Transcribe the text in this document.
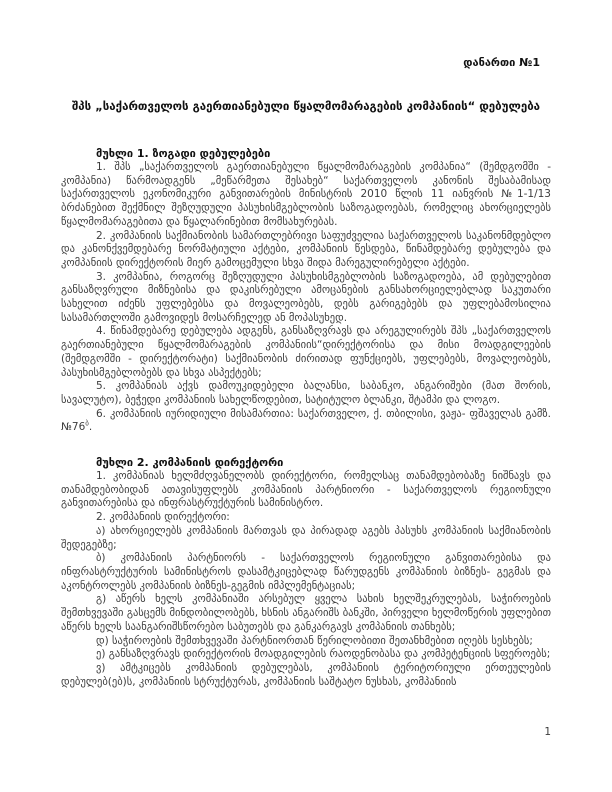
დანართი №1

შპს „საქართველოს გაერთიანებული წყალმომარაგების კომპანიის“ დებულება

მუხლი 1. ზოგადი დებულებები

1. შპს „საქართველოს გაერთიანებული წყალმომარაგების კომპანია“ (შემდგომში - კომპანია) წარმოადგენს „მეწარმეთა შესახებ“ საქართველოს კანონის შესაბამისად საქართველოს ეკონომიკური განვითარების მინისტრის 2010 წლის 11 იანვრის №1-1/13 ბრძანებით შექმნილ შეზღუდული პასუხისმგებლობის საზოგადოებას, რომელიც ახორციელებს წყალმომარაგებითა და წყალარინებით მომსახურებას.

2. კომპანიის საქმიანობის სამართლებრივი საფუძველია საქართველოს საკანონმდებლო და კანონქვემდებარე ნორმატიული აქტები, კომპანიის წესდება, წინამდებარე დებულება და კომპანიის დირექტორის მიერ გამოცემული სხვა შიდა მარეგულირებელი აქტები.

3. კომპანია, როგორც შეზღუდული პასუხისმგებლობის საზოგადოება, ამ დებულებით განსაზღვრული მიზნებისა და დაკისრებული ამოცანების განსახორციელებლად საკუთარი სახელით იძენს უფლებებსა და მოვალეობებს, დებს გარიგებებს და უფლებამოსილია სასამართლოში გამოვიდეს მოსარჩელედ ან მოპასუხედ.

4. წინამდებარე დებულება ადგენს, განსაზღვრავს და არეგულირებს შპს „საქართველოს გაერთიანებული წყალმომარაგების კომპანიის“დირექტორისა და მისი მოადგილეების (შემდგომში - დირექტორატი) საქმიანობის ძირითად ფუნქციებს, უფლებებს, მოვალეობებს, პასუხისმგებლობებს და სხვა ასპექტებს;

5. კომპანიას აქვს დამოუკიდებელი ბალანსი, საბანკო, ანგარიშები (მათ შორის, სავალუტო), ბეჭედი კომპანიის სახელწოდებით, სატიტულო ბლანკი, შტამპი და ლოგო.

6. კომპანიის იურიდიული მისამართია: საქართველო, ქ. თბილისი, ვაჟა- ფშაველას გამზ. $№76^ბ$.

მუხლი 2. კომპანიის დირექტორი

1. კომპანიას ხელმძღვანელობს დირექტორი, რომელსაც თანამდებობაზე ნიშნავს და თანამდებობიდან ათავისუფლებს კომპანიის პარტნიორი - საქართველოს რეგიონული განვითარებისა და ინფრასტრუქტურის სამინისტრო.

2. კომპანიის დირექტორი:

ა) ახორციელებს კომპანიის მართვას და პირადად აგებს პასუხს კომპანიის საქმიანობის შედეგებზე;

ბ) კომპანიის პარტნიორს - საქართველოს რეგიონული განვითარებისა და ინფრასტრუქტურის სამინისტროს დასამტკიცებლად წარუდგენს კომპანიის ბიზნეს- გეგმას და აკონტროლებს კომპანიის ბიზნეს-გეგმის იმპლემენტაციას;

გ) აწერს ხელს კომპანიაში არსებულ ყველა სახის ხელშეკრულებას, საჭიროების შემთხვევაში გასცემს მინდობილობებს, ხსნის ანგარიშს ბანკში, პირველი ხელმოწერის უფლებით აწერს ხელს საანგარიშსწორებო საბუთებს და განკარგავს კომპანიის თანხებს;

დ) საჭიროების შემთხვევაში პარტნიორთან წერილობითი შეთანხმებით იღებს სესხებს;

ე) განსაზღვრავს დირექტორის მოადგილების რაოდენობასა და კომპეტენციის სფეროებს;

ვ) ამტკიცებს კომპანიის დებულებას, კომპანიის ტერიტორიული ერთეულების დებულებ(ებ)ს, კომპანიის სტრუქტურას, კომპანიის საშტატო ნუსხას, კომპანიის

1
